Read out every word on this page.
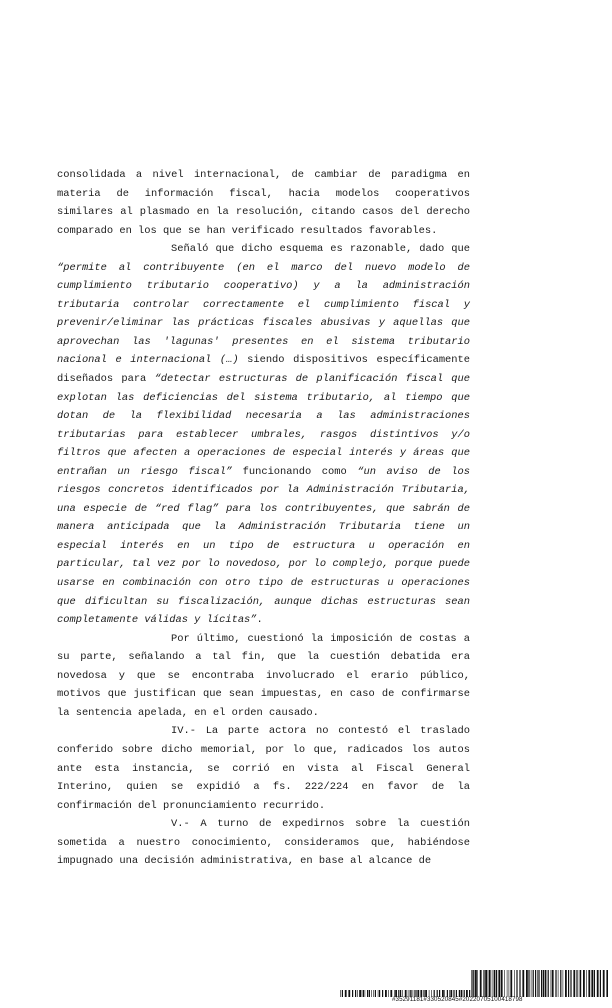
consolidada a nivel internacional, de cambiar de paradigma en materia de información fiscal, hacia modelos cooperativos similares al plasmado en la resolución, citando casos del derecho comparado en los que se han verificado resultados favorables.

Señaló que dicho esquema es razonable, dado que “permite al contribuyente (en el marco del nuevo modelo de cumplimiento tributario cooperativo) y a la administración tributaria controlar correctamente el cumplimiento fiscal y prevenir/eliminar las prácticas fiscales abusivas y aquellas que aprovechan las 'lagunas' presentes en el sistema tributario nacional e internacional (…) siendo dispositivos específicamente diseñados para “detectar estructuras de planificación fiscal que explotan las deficiencias del sistema tributario, al tiempo que dotan de la flexibilidad necesaria a las administraciones tributarias para establecer umbrales, rasgos distintivos y/o filtros que afecten a operaciones de especial interés y áreas que entrañan un riesgo fiscal” funcionando como “un aviso de los riesgos concretos identificados por la Administración Tributaria, una especie de “red flag” para los contribuyentes, que sabrán de manera anticipada que la Administración Tributaria tiene un especial interés en un tipo de estructura u operación en particular, tal vez por lo novedoso, por lo complejo, porque puede usarse en combinación con otro tipo de estructuras u operaciones que dificultan su fiscalización, aunque dichas estructuras sean completamente válidas y lícitas”.

Por último, cuestionó la imposición de costas a su parte, señalando a tal fin, que la cuestión debatida era novedosa y que se encontraba involucrado el erario público, motivos que justifican que sean impuestas, en caso de confirmarse la sentencia apelada, en el orden causado.

IV.- La parte actora no contestó el traslado conferido sobre dicho memorial, por lo que, radicados los autos ante esta instancia, se corrió en vista al Fiscal General Interino, quien se expidió a fs. 222/224 en favor de la confirmación del pronunciamiento recurrido.

V.- A turno de expedirnos sobre la cuestión sometida a nuestro conocimiento, consideramos que, habiéndose impugnado una decisión administrativa, en base al alcance de

#35291181#330520845#20220705100418798
